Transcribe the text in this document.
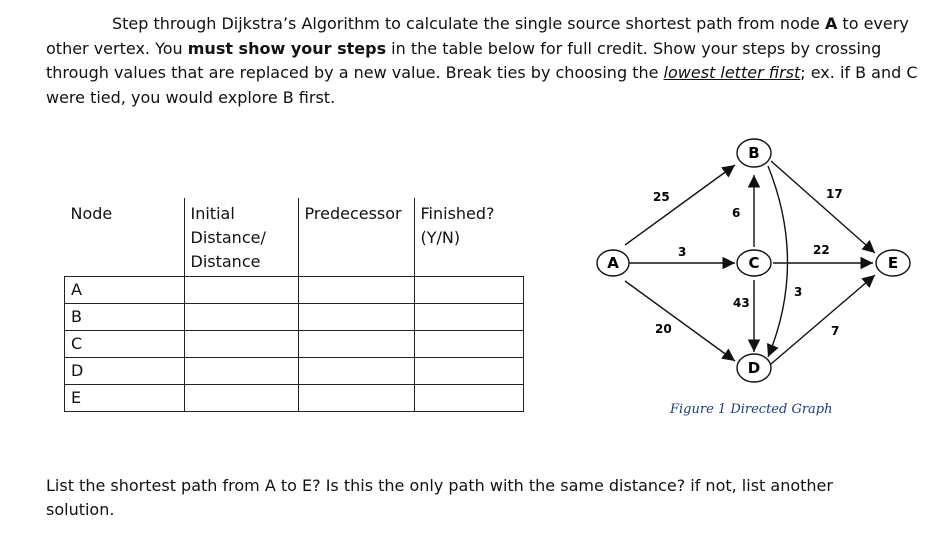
Step through Dijkstra’s Algorithm to calculate the single source shortest path from node A to every other vertex. You must show your steps in the table below for full credit. Show your steps by crossing through values that are replaced by a new value. Break ties by choosing the lowest letter first; ex. if B and C were tied, you would explore B first.
Node	Initial Distance/ Distance	Predecessor	Finished? (Y/N)
A			
B			
C			
D			
E			
25
3
20
6
17
22
7
43
3
A
B
C
D
E
Figure 1 Directed Graph
List the shortest path from A to E? Is this the only path with the same distance? if not, list another solution.
